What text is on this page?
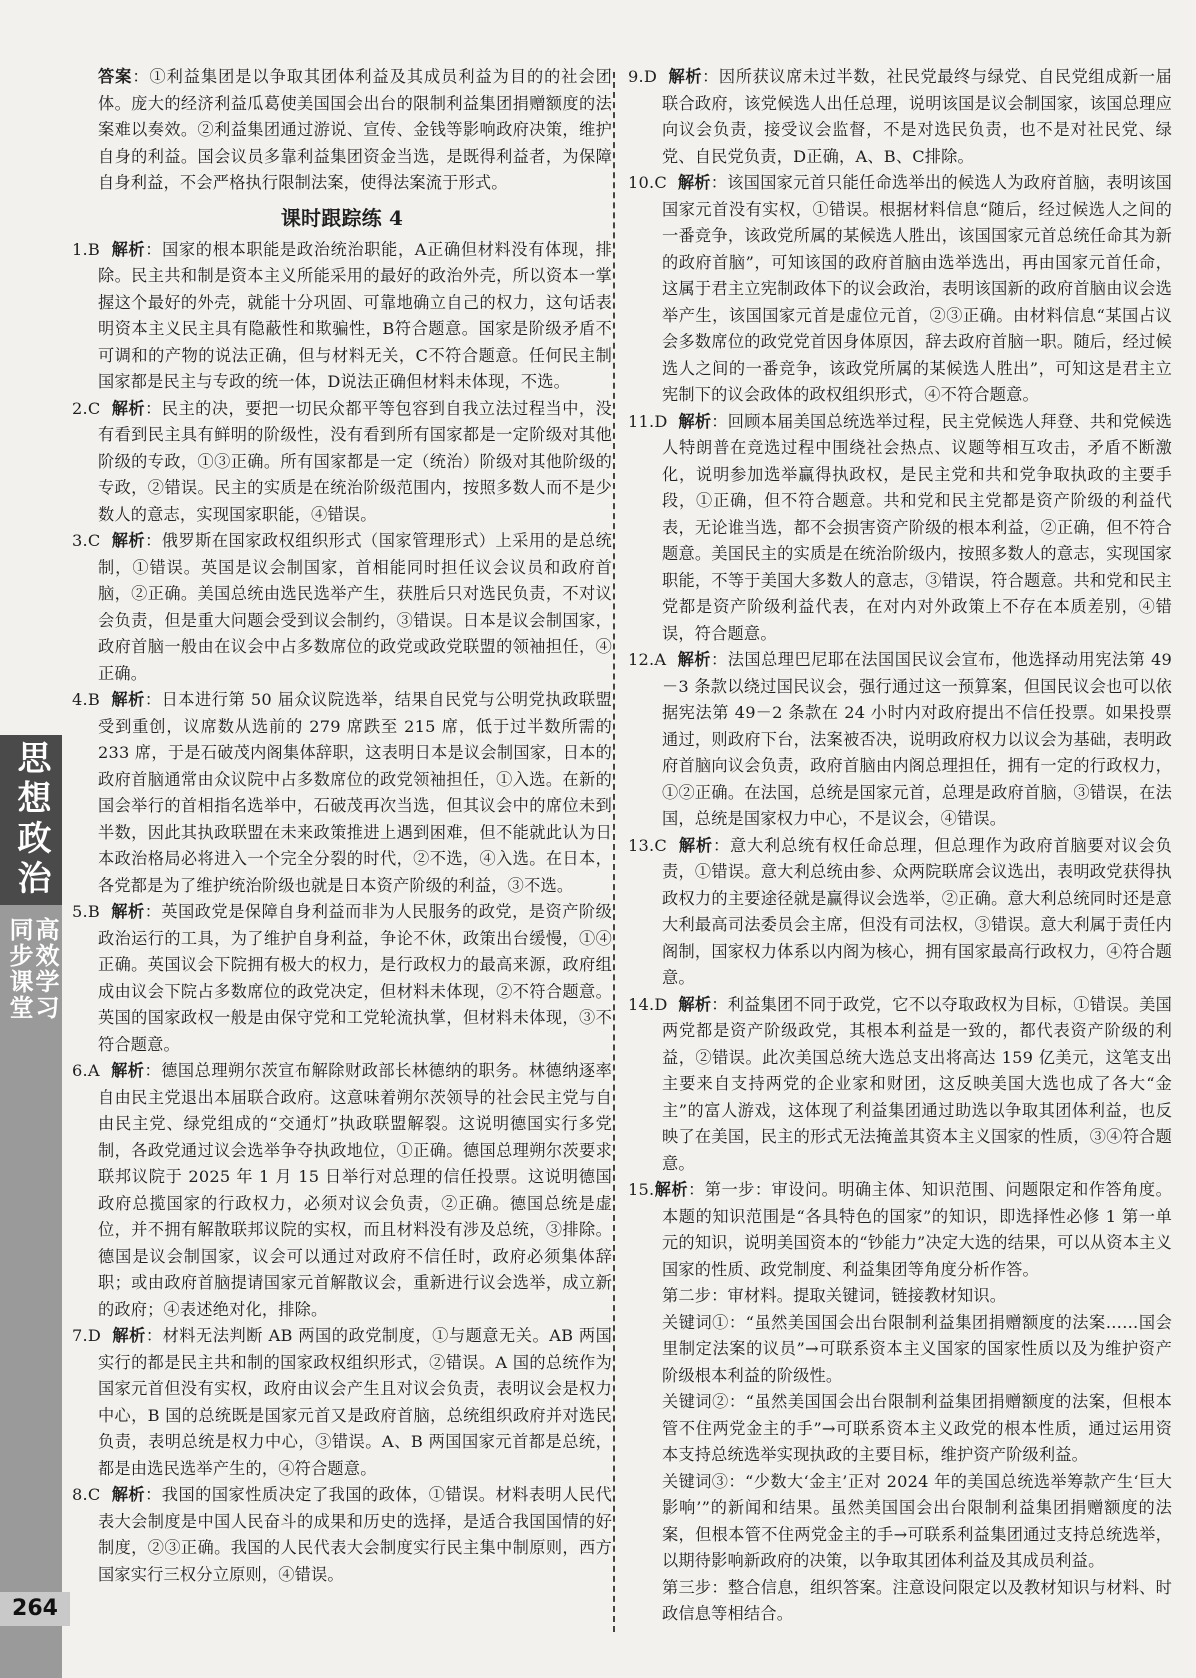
答案：①利益集团是以争取其团体利益及其成员利益为目的的社会团体。庞大的经济利益瓜葛使美国国会出台的限制利益集团捐赠额度的法案难以奏效。②利益集团通过游说、宣传、金钱等影响政府决策，维护自身的利益。国会议员多靠利益集团资金当选，是既得利益者，为保障自身利益，不会严格执行限制法案，使得法案流于形式。

课时跟踪练 4

1.B 解析：国家的根本职能是政治统治职能，A正确但材料没有体现，排除。民主共和制是资本主义所能采用的最好的政治外壳，所以资本一掌握这个最好的外壳，就能十分巩固、可靠地确立自己的权力，这句话表明资本主义民主具有隐蔽性和欺骗性，B符合题意。国家是阶级矛盾不可调和的产物的说法正确，但与材料无关，C不符合题意。任何民主制国家都是民主与专政的统一体，D说法正确但材料未体现，不选。

2.C 解析：民主的决，要把一切民众都平等包容到自我立法过程当中，没有看到民主具有鲜明的阶级性，没有看到所有国家都是一定阶级对其他阶级的专政，①③正确。所有国家都是一定（统治）阶级对其他阶级的专政，②错误。民主的实质是在统治阶级范围内，按照多数人而不是少数人的意志，实现国家职能，④错误。

3.C 解析：俄罗斯在国家政权组织形式（国家管理形式）上采用的是总统制，①错误。英国是议会制国家，首相能同时担任议会议员和政府首脑，②正确。美国总统由选民选举产生，获胜后只对选民负责，不对议会负责，但是重大问题会受到议会制约，③错误。日本是议会制国家，政府首脑一般由在议会中占多数席位的政党或政党联盟的领袖担任，④正确。

4.B 解析：日本进行第 50 届众议院选举，结果自民党与公明党执政联盟受到重创，议席数从选前的 279 席跌至 215 席，低于过半数所需的 233 席，于是石破茂内阁集体辞职，这表明日本是议会制国家，日本的政府首脑通常由众议院中占多数席位的政党领袖担任，①入选。在新的国会举行的首相指名选举中，石破茂再次当选，但其议会中的席位未到半数，因此其执政联盟在未来政策推进上遇到困难，但不能就此认为日本政治格局必将进入一个完全分裂的时代，②不选，④入选。在日本，各党都是为了维护统治阶级也就是日本资产阶级的利益，③不选。

5.B 解析：英国政党是保障自身利益而非为人民服务的政党，是资产阶级政治运行的工具，为了维护自身利益，争论不休，政策出台缓慢，①④正确。英国议会下院拥有极大的权力，是行政权力的最高来源，政府组成由议会下院占多数席位的政党决定，但材料未体现，②不符合题意。英国的国家政权一般是由保守党和工党轮流执掌，但材料未体现，③不符合题意。

6.A 解析：德国总理朔尔茨宣布解除财政部长林德纳的职务。林德纳逐率自由民主党退出本届联合政府。这意味着朔尔茨领导的社会民主党与自由民主党、绿党组成的“交通灯”执政联盟解裂。这说明德国实行多党制，各政党通过议会选举争夺执政地位，①正确。德国总理朔尔茨要求联邦议院于 2025 年 1 月 15 日举行对总理的信任投票。这说明德国政府总揽国家的行政权力，必须对议会负责，②正确。德国总统是虚位，并不拥有解散联邦议院的实权，而且材料没有涉及总统，③排除。德国是议会制国家，议会可以通过对政府不信任时，政府必须集体辞职；或由政府首脑提请国家元首解散议会，重新进行议会选举，成立新的政府；④表述绝对化，排除。

7.D 解析：材料无法判断 AB 两国的政党制度，①与题意无关。AB 两国实行的都是民主共和制的国家政权组织形式，②错误。A 国的总统作为国家元首但没有实权，政府由议会产生且对议会负责，表明议会是权力中心，B 国的总统既是国家元首又是政府首脑，总统组织政府并对选民负责，表明总统是权力中心，③错误。A、B 两国国家元首都是总统，都是由选民选举产生的，④符合题意。

8.C 解析：我国的国家性质决定了我国的政体，①错误。材料表明人民代表大会制度是中国人民奋斗的成果和历史的选择，是适合我国国情的好制度，②③正确。我国的人民代表大会制度实行民主集中制原则，西方国家实行三权分立原则，④错误。

9.D 解析：因所获议席未过半数，社民党最终与绿党、自民党组成新一届联合政府，该党候选人出任总理，说明该国是议会制国家，该国总理应向议会负责，接受议会监督，不是对选民负责，也不是对社民党、绿党、自民党负责，D正确，A、B、C排除。

10.C 解析：该国国家元首只能任命选举出的候选人为政府首脑，表明该国国家元首没有实权，①错误。根据材料信息“随后，经过候选人之间的一番竞争，该政党所属的某候选人胜出，该国国家元首总统任命其为新的政府首脑”，可知该国的政府首脑由选举选出，再由国家元首任命，这属于君主立宪制政体下的议会政治，表明该国新的政府首脑由议会选举产生，该国国家元首是虚位元首，②③正确。由材料信息“某国占议会多数席位的政党党首因身体原因，辞去政府首脑一职。随后，经过候选人之间的一番竞争，该政党所属的某候选人胜出”，可知这是君主立宪制下的议会政体的政权组织形式，④不符合题意。

11.D 解析：回顾本届美国总统选举过程，民主党候选人拜登、共和党候选人特朗普在竞选过程中围绕社会热点、议题等相互攻击，矛盾不断激化，说明参加选举赢得执政权，是民主党和共和党争取执政的主要手段，①正确，但不符合题意。共和党和民主党都是资产阶级的利益代表，无论谁当选，都不会损害资产阶级的根本利益，②正确，但不符合题意。美国民主的实质是在统治阶级内，按照多数人的意志，实现国家职能，不等于美国大多数人的意志，③错误，符合题意。共和党和民主党都是资产阶级利益代表，在对内对外政策上不存在本质差别，④错误，符合题意。

12.A 解析：法国总理巴尼耶在法国国民议会宣布，他选择动用宪法第 49－3 条款以绕过国民议会，强行通过这一预算案，但国民议会也可以依据宪法第 49－2 条款在 24 小时内对政府提出不信任投票。如果投票通过，则政府下台，法案被否决，说明政府权力以议会为基础，表明政府首脑向议会负责，政府首脑由内阁总理担任，拥有一定的行政权力，①②正确。在法国，总统是国家元首，总理是政府首脑，③错误，在法国，总统是国家权力中心，不是议会，④错误。

13.C 解析：意大利总统有权任命总理，但总理作为政府首脑要对议会负责，①错误。意大利总统由参、众两院联席会议选出，表明政党获得执政权力的主要途径就是赢得议会选举，②正确。意大利总统同时还是意大利最高司法委员会主席，但没有司法权，③错误。意大利属于责任内阁制，国家权力体系以内阁为核心，拥有国家最高行政权力，④符合题意。

14.D 解析：利益集团不同于政党，它不以夺取政权为目标，①错误。美国两党都是资产阶级政党，其根本利益是一致的，都代表资产阶级的利益，②错误。此次美国总统大选总支出将高达 159 亿美元，这笔支出主要来自支持两党的企业家和财团，这反映美国大选也成了各大“金主”的富人游戏，这体现了利益集团通过助选以争取其团体利益，也反映了在美国，民主的形式无法掩盖其资本主义国家的性质，③④符合题意。

15.解析：第一步：审设问。明确主体、知识范围、问题限定和作答角度。本题的知识范围是“各具特色的国家”的知识，即选择性必修 1 第一单元的知识，说明美国资本的“钞能力”决定大选的结果，可以从资本主义国家的性质、政党制度、利益集团等角度分析作答。

第二步：审材料。提取关键词，链接教材知识。

关键词①：“虽然美国国会出台限制利益集团捐赠额度的法案……国会里制定法案的议员”→可联系资本主义国家的国家性质以及为维护资产阶级根本利益的阶级性。

关键词②：“虽然美国国会出台限制利益集团捐赠额度的法案，但根本管不住两党金主的手”→可联系资本主义政党的根本性质，通过运用资本支持总统选举实现执政的主要目标，维护资产阶级利益。

关键词③：“少数大‘金主’正对 2024 年的美国总统选举筹款产生‘巨大影响’”的新闻和结果。虽然美国国会出台限制利益集团捐赠额度的法案，但根本管不住两党金主的手→可联系利益集团通过支持总统选举，以期待影响新政府的决策，以争取其团体利益及其成员利益。

第三步：整合信息，组织答案。注意设问限定以及教材知识与材料、时政信息等相结合。

思想政治
同步课堂
高效学习
264
